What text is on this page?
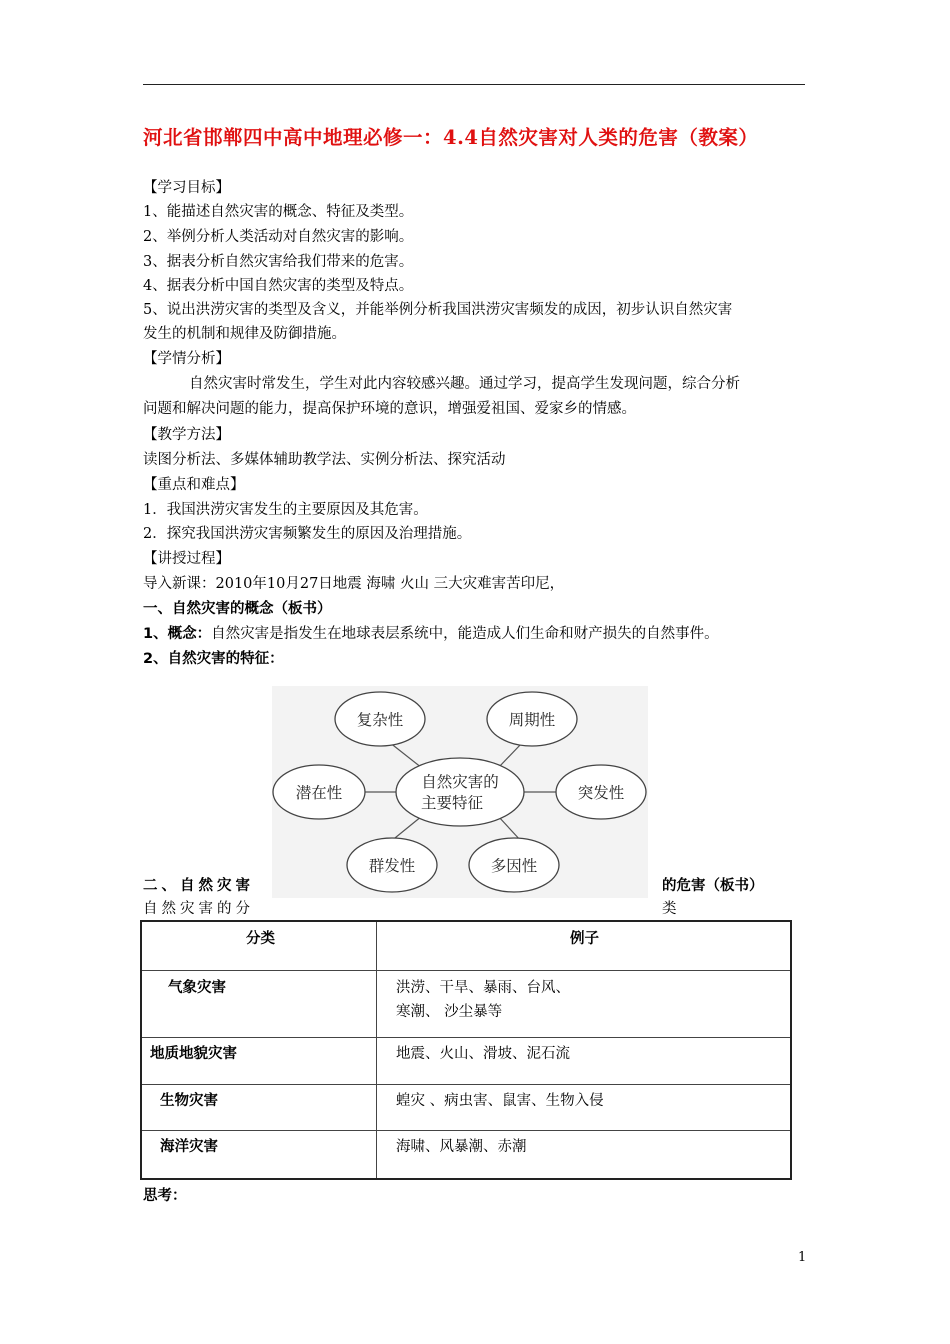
河北省邯郸四中高中地理必修一：4.4自然灾害对人类的危害（教案）
【学习目标】
1、能描述自然灾害的概念、特征及类型。
2、举例分析人类活动对自然灾害的影响。
3、据表分析自然灾害给我们带来的危害。
4、据表分析中国自然灾害的类型及特点。
5、说出洪涝灾害的类型及含义，并能举例分析我国洪涝灾害频发的成因，初步认识自然灾害
发生的机制和规律及防御措施。
【学情分析】
自然灾害时常发生，学生对此内容较感兴趣。通过学习，提高学生发现问题，综合分析
问题和解决问题的能力，提高保护环境的意识，增强爱祖国、爱家乡的情感。
【教学方法】
读图分析法、多媒体辅助教学法、实例分析法、探究活动
【重点和难点】
1．我国洪涝灾害发生的主要原因及其危害。
2．探究我国洪涝灾害频繁发生的原因及治理措施。
【讲授过程】
导入新课：2010年10月27日地震 海啸 火山 三大灾难害苦印尼，
一、自然灾害的概念（板书）
1、概念：自然灾害是指发生在地球表层系统中，能造成人们生命和财产损失的自然事件。
2、自然灾害的特征：
自然灾害的
主要特征
复杂性	周期性
潜在性	突发性
群发性	多因性
二、自然灾害	的危害（板书）
自然灾害的分	类
分类	例子
气象灾害	洪涝、干旱、暴雨、台风、
寒潮、 沙尘暴等
地质地貌灾害	地震、火山、滑坡、泥石流
生物灾害	蝗灾 、病虫害、鼠害、生物入侵
海洋灾害	海啸、风暴潮、赤潮
思考：
1
